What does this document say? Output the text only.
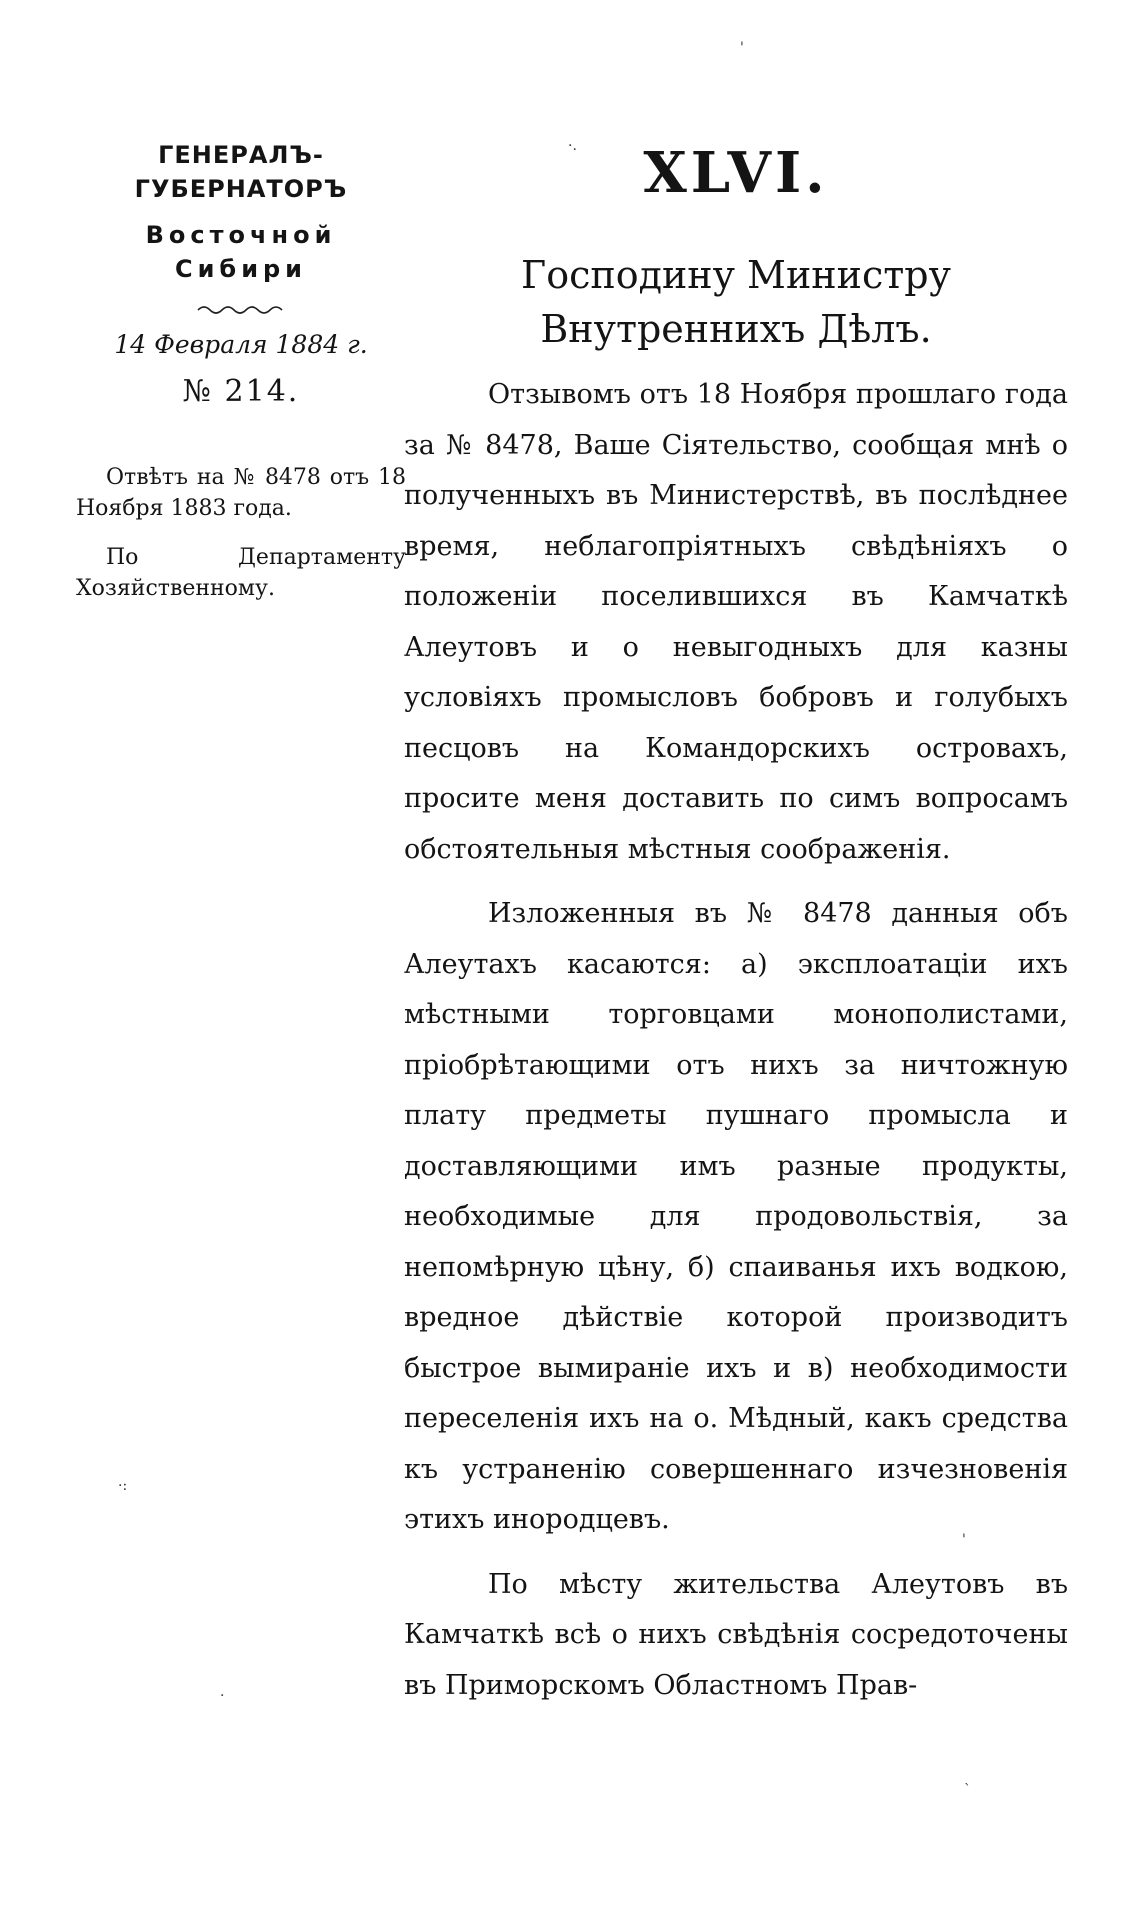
ГЕНЕРАЛЪ-ГУБЕРНАТОРЪ
Восточной Сибири
14 Февраля 1884 г.
№ 214.
Отвѣтъ на № 8478 отъ 18 Ноября 1883 года.
По Департаменту Хозяйственному.
XLVI.
Господину Министру Внутреннихъ Дѣлъ.

Отзывомъ отъ 18 Ноября прошлаго года за № 8478, Ваше Сіятельство, сообщая мнѣ о полученныхъ въ Министерствѣ, въ послѣднее время, неблагопріятныхъ свѣдѣніяхъ о положеніи поселившихся въ Камчаткѣ Алеутовъ и о невыгодныхъ для казны условіяхъ промысловъ бобровъ и голубыхъ песцовъ на Командорскихъ островахъ, просите меня доставить по симъ вопросамъ обстоятельныя мѣстныя соображенія.

Изложенныя въ № 8478 данныя объ Алеутахъ касаются: а) эксплоатаціи ихъ мѣстными торговцами монополистами, пріобрѣтающими отъ нихъ за ничтожную плату предметы пушнаго промысла и доставляющими имъ разные продукты, необходимые для продовольствія, за непомѣрную цѣну, б) спаиванья ихъ водкою, вредное дѣйствіе которой производитъ быстрое вымираніе ихъ и в) необходимости переселенія ихъ на о. Мѣдный, какъ средства къ устраненію совершеннаго изчезновенія этихъ инородцевъ.

По мѣсту жительства Алеутовъ въ Камчаткѣ всѣ о нихъ свѣдѣнія сосредоточены въ Приморскомъ Областномъ Прав-

'
·.
·:
·
'
`
